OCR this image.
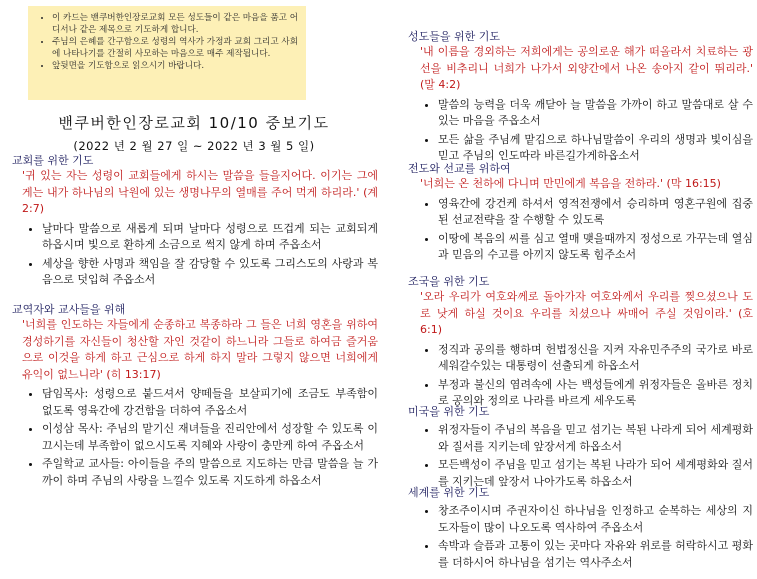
• 이 카드는 밴쿠버한인장로교회 모든 성도들이 같은 마음을 품고 어디서나 같은 제목으로 기도하게 합니다.
• 주님의 은혜를 간구함으로 성령의 역사가 가정과 교회 그리고 사회에 나타나기를 간절히 사모하는 마음으로 매주 제작됩니다.
• 앞뒷면을 기도함으로 읽으시기 바랍니다.
밴쿠버한인장로교회 10/10 중보기도
(2022 년 2 월 27 일 ~ 2022 년 3 월 5 일)

교회를 위한 기도

'귀 있는 자는 성령이 교회들에게 하시는 말씀을 들을지어다. 이기는 그에게는 내가 하나님의 낙원에 있는 생명나무의 열매를 주어 먹게 하리라.' (계 2:7)

• 날마다 말씀으로 새롭게 되며 날마다 성령으로 뜨겁게 되는 교회되게 하옵시며 빛으로 환하게 소금으로 썩지 않게 하며 주옵소서
• 세상을 향한 사명과 책임을 잘 감당할 수 있도록 그리스도의 사랑과 복음으로 덧입혀 주옵소서

교역자와 교사들을 위해

'너희를 인도하는 자들에게 순종하고 복종하라 그 들은 너희 영혼을 위하여 경성하기를 자신들이 청산할 자인 것같이 하느니라 그들로 하여금 즐거움으로 이것을 하게 하고 근심으로 하게 하지 말라 그렇지 않으면 너희에게 유익이 없느니라' (히 13:17)

• 담임목사: 성령으로 붙드셔서 양떼들을 보살피기에 조금도 부족함이 없도록 영육간에 강건함을 더하여 주옵소서
• 이성삼 목사: 주님의 맡기신 재녀들을 진리안에서 성장할 수 있도록 이끄시는데 부족함이 없으시도록 지혜와 사랑이 충만케 하여 주옵소서
• 주일학교 교사들: 아이들을 주의 말씀으로 지도하는 만큼 말씀을 늘 가까이 하며 주님의 사랑을 느낄수 있도록 지도하게 하옵소서

성도들을 위한 기도

'내 이름을 경외하는 저희에게는 공의로운 해가 떠올라서 치료하는 광선을 비추리니 너희가 나가서 외양간에서 나온 송아지 같이 뛰리라.' (말 4:2)

• 말씀의 능력을 더욱 깨닫아 늘 말씀을 가까이 하고 말씀대로 살 수 있는 마음을 주옵소서
• 모든 삶을 주님께 맡김으로 하나님말씀이 우리의 생명과 빛이심을 믿고 주님의 인도따라 바른길가게하옵소서

전도와 선교를 위하여

'너희는 온 천하에 다니며 만민에게 복음을 전하라.' (막 16:15)

• 영육간에 강건케 하셔서 영적전쟁에서 승리하며 영혼구원에 집중된 선교전략을 잘 수행할 수 있도록
• 이땅에 복음의 씨를 심고 열매 맺을때까지 정성으로 가꾸는데 열심과 믿음의 수고를 아끼지 않도록 힘주소서

조국을 위한 기도

'오라 우리가 여호와께로 돌아가자 여호와께서 우리를 찢으셨으나 도로 낫게 하실 것이요 우리를 치셨으나 싸매어 주실 것임이라.' (호 6:1)

• 정직과 공의를 행하며 헌법정신을 지켜 자유민주주의 국가로 바로세워갈수있는 대통령이 선출되게 하옵소서
• 부정과 불신의 염려속에 사는 백성들에게 위정자들은 올바른 정치로 공의와 정의로 나라를 바르게 세우도록

미국을 위한 기도

• 위정자들이 주님의 복음을 믿고 섬기는 복된 나라게 되어 세계평화와 질서를 지키는데 앞장서게 하옵소서
• 모든백성이 주님을 믿고 섬기는 복된 나라가 되어 세계평화와 질서를 지키는데 앞장서 나아가도록 하옵소서

세계를 위한 기도

• 창조주이시며 주권자이신 하나님을 인정하고 순복하는 세상의 지도자들이 많이 나오도록 역사하여 주옵소서
• 속박과 슬픔과 고통이 있는 곳마다 자유와 위로를 허락하시고 평화를 더하시어 하나님을 섬기는 역사주소서
